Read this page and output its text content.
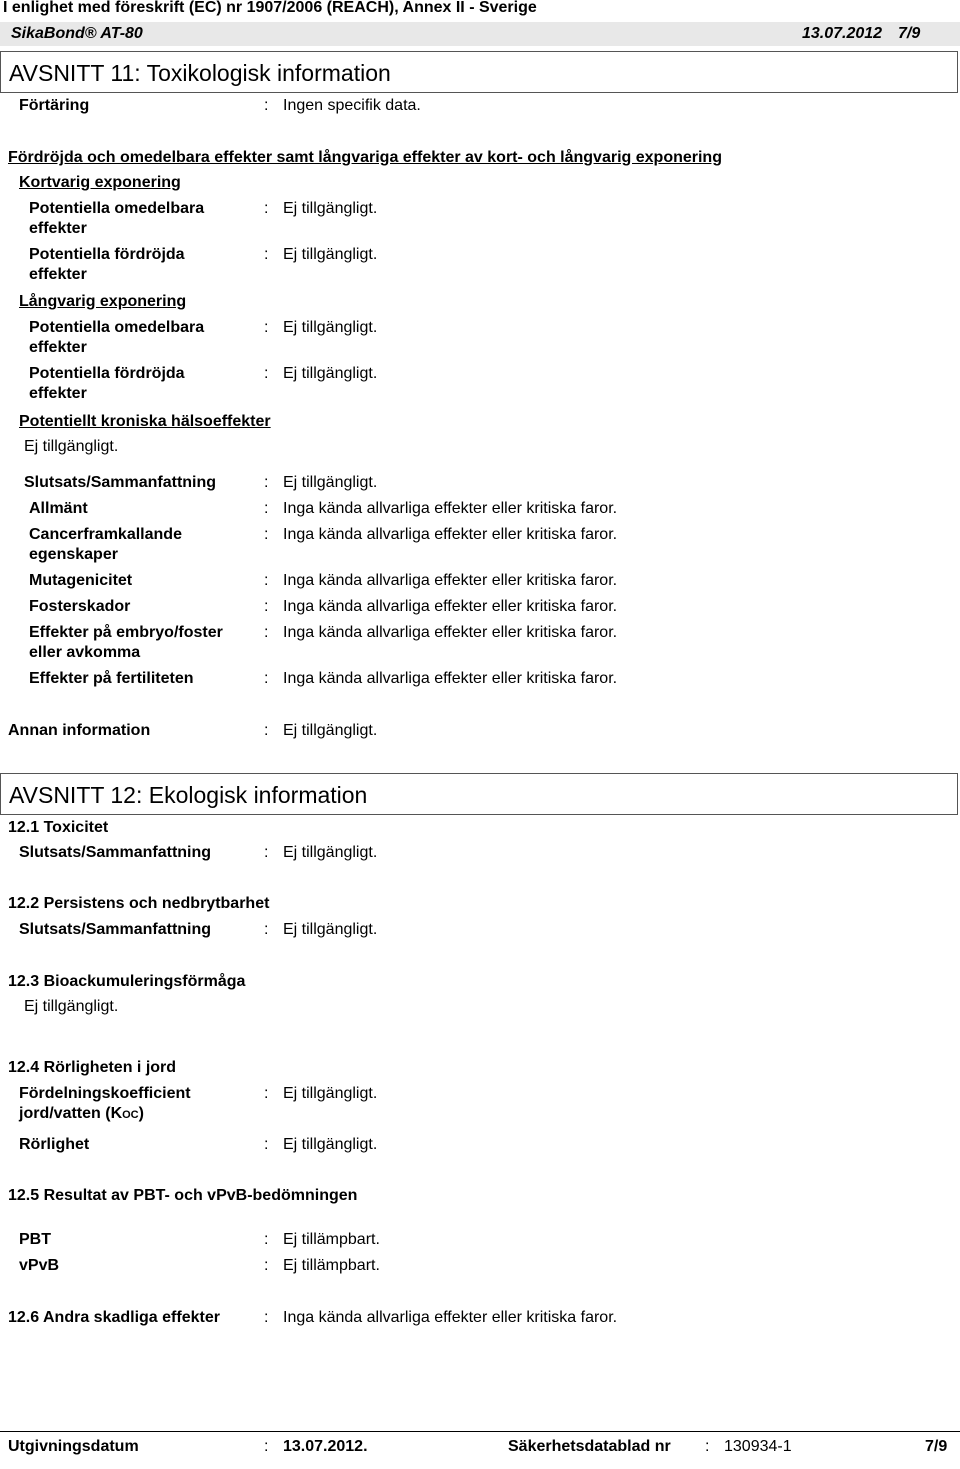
I enlighet med föreskrift (EC) nr 1907/2006 (REACH), Annex II - Sverige
SikaBond® AT-80	13.07.2012 7/9
AVSNITT 11: Toxikologisk information
Förtäring	: Ingen specifik data.
Fördröjda och omedelbara effekter samt långvariga effekter av kort- och långvarig exponering
Kortvarig exponering
Potentiella omedelbara
effekter
: Ej tillgängligt.
Potentiella fördröjda
effekter
: Ej tillgängligt.
Långvarig exponering
Potentiella omedelbara
effekter
: Ej tillgängligt.
Potentiella fördröjda
effekter
: Ej tillgängligt.
Potentiellt kroniska hälsoeffekter
Ej tillgängligt.
Slutsats/Sammanfattning	: Ej tillgängligt.
Allmänt	: Inga kända allvarliga effekter eller kritiska faror.
Cancerframkallande
egenskaper
: Inga kända allvarliga effekter eller kritiska faror.
Mutagenicitet	: Inga kända allvarliga effekter eller kritiska faror.
Fosterskador	: Inga kända allvarliga effekter eller kritiska faror.
Effekter på embryo/foster
eller avkomma
: Inga kända allvarliga effekter eller kritiska faror.
Effekter på fertiliteten	: Inga kända allvarliga effekter eller kritiska faror.
Annan information	: Ej tillgängligt.
AVSNITT 12: Ekologisk information
12.1 Toxicitet
Slutsats/Sammanfattning	: Ej tillgängligt.
12.2 Persistens och nedbrytbarhet
Slutsats/Sammanfattning	: Ej tillgängligt.
12.3 Bioackumuleringsförmåga
Ej tillgängligt.
12.4 Rörligheten i jord
Fördelningskoefficient
jord/vatten (KOC)
: Ej tillgängligt.
Rörlighet	: Ej tillgängligt.
12.5 Resultat av PBT- och vPvB-bedömningen
PBT	: Ej tillämpbart.
vPvB	: Ej tillämpbart.
12.6 Andra skadliga effekter	: Inga kända allvarliga effekter eller kritiska faror.
Utgivningsdatum	: 13.07.2012.	Säkerhetsdatablad nr : 130934-1	7/9
